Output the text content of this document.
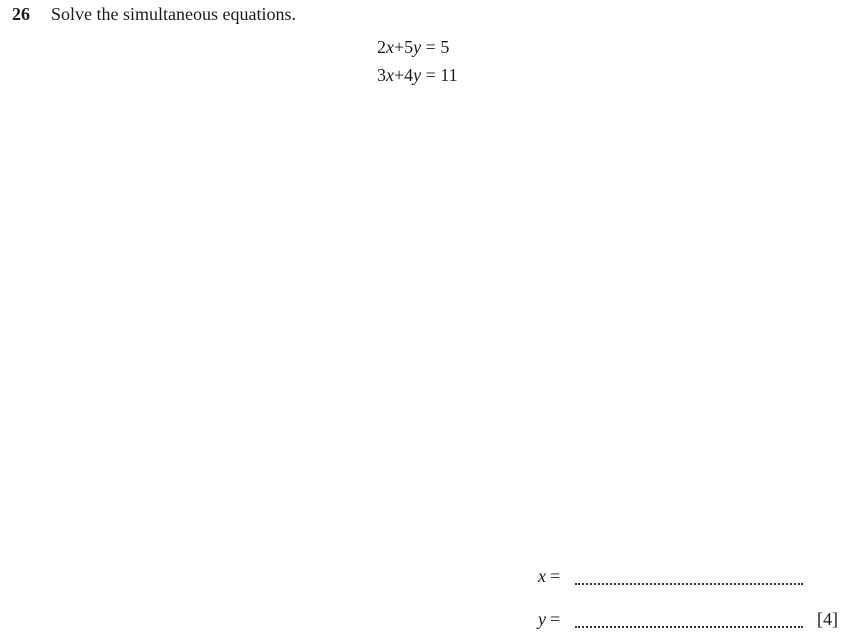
26 Solve the simultaneous equations.
2x+5y = 5
3x+4y = 11
x =
y =	[4]
